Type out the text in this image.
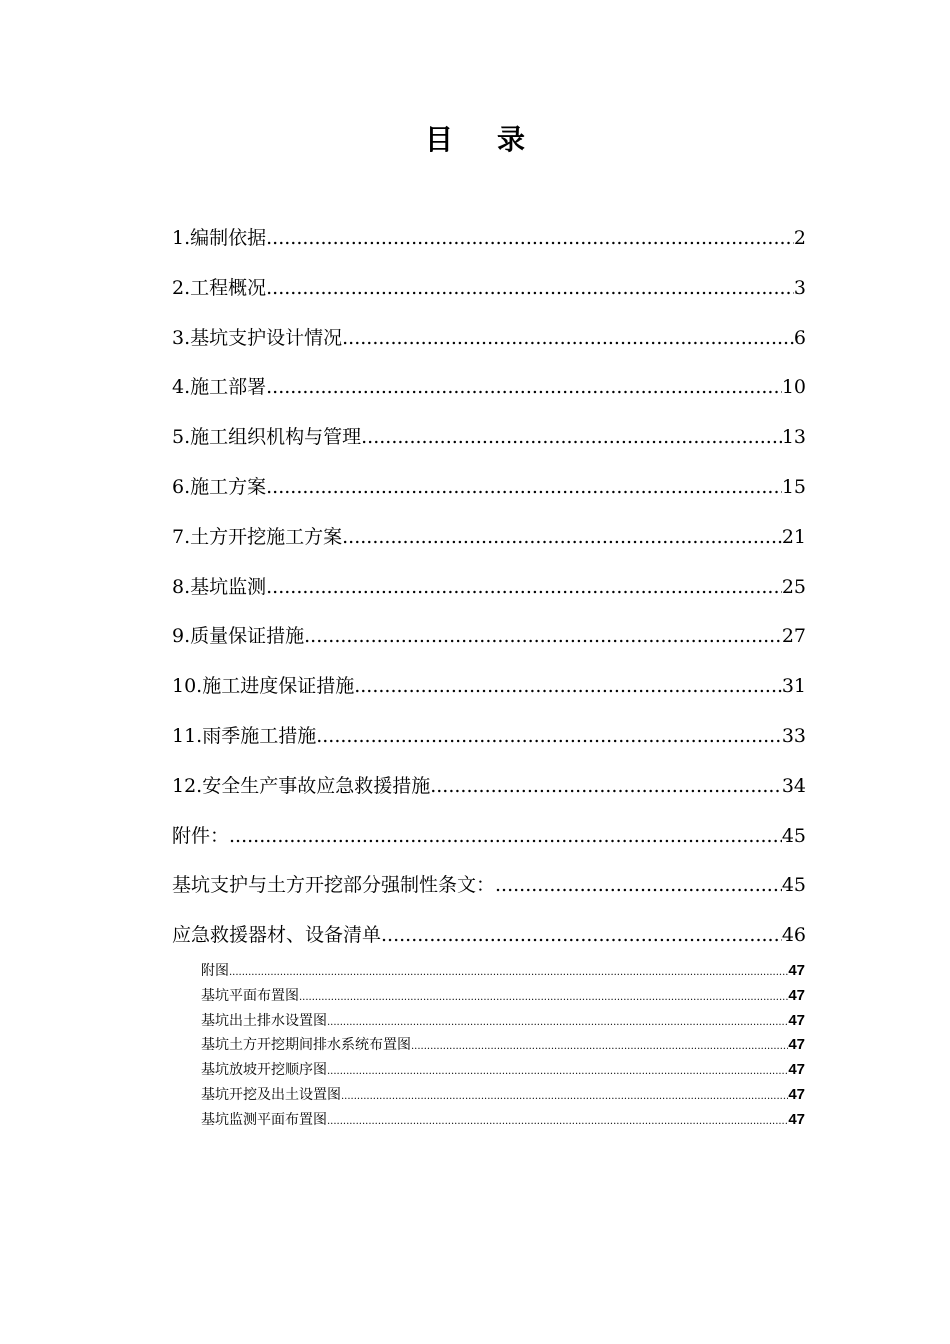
目 录
1.编制依据 .....	2
2.工程概况 .....	3
3.基坑支护设计情况 .....	6
4.施工部署 .....	10
5.施工组织机构与管理 .....	13
6.施工方案 .....	15
7.土方开挖施工方案 .....	21
8.基坑监测 .....	25
9.质量保证措施 .....	27
10.施工进度保证措施 .....	31
11.雨季施工措施 .....	33
12.安全生产事故应急救援措施 .....	34
附件： .....	45
基坑支护与土方开挖部分强制性条文： .....	45
应急救援器材、设备清单 .....	46
附图 .....	47
基坑平面布置图 .....	47
基坑出土排水设置图 .....	47
基坑土方开挖期间排水系统布置图 .....	47
基坑放坡开挖顺序图 .....	47
基坑开挖及出土设置图 .....	47
基坑监测平面布置图 .....	47
